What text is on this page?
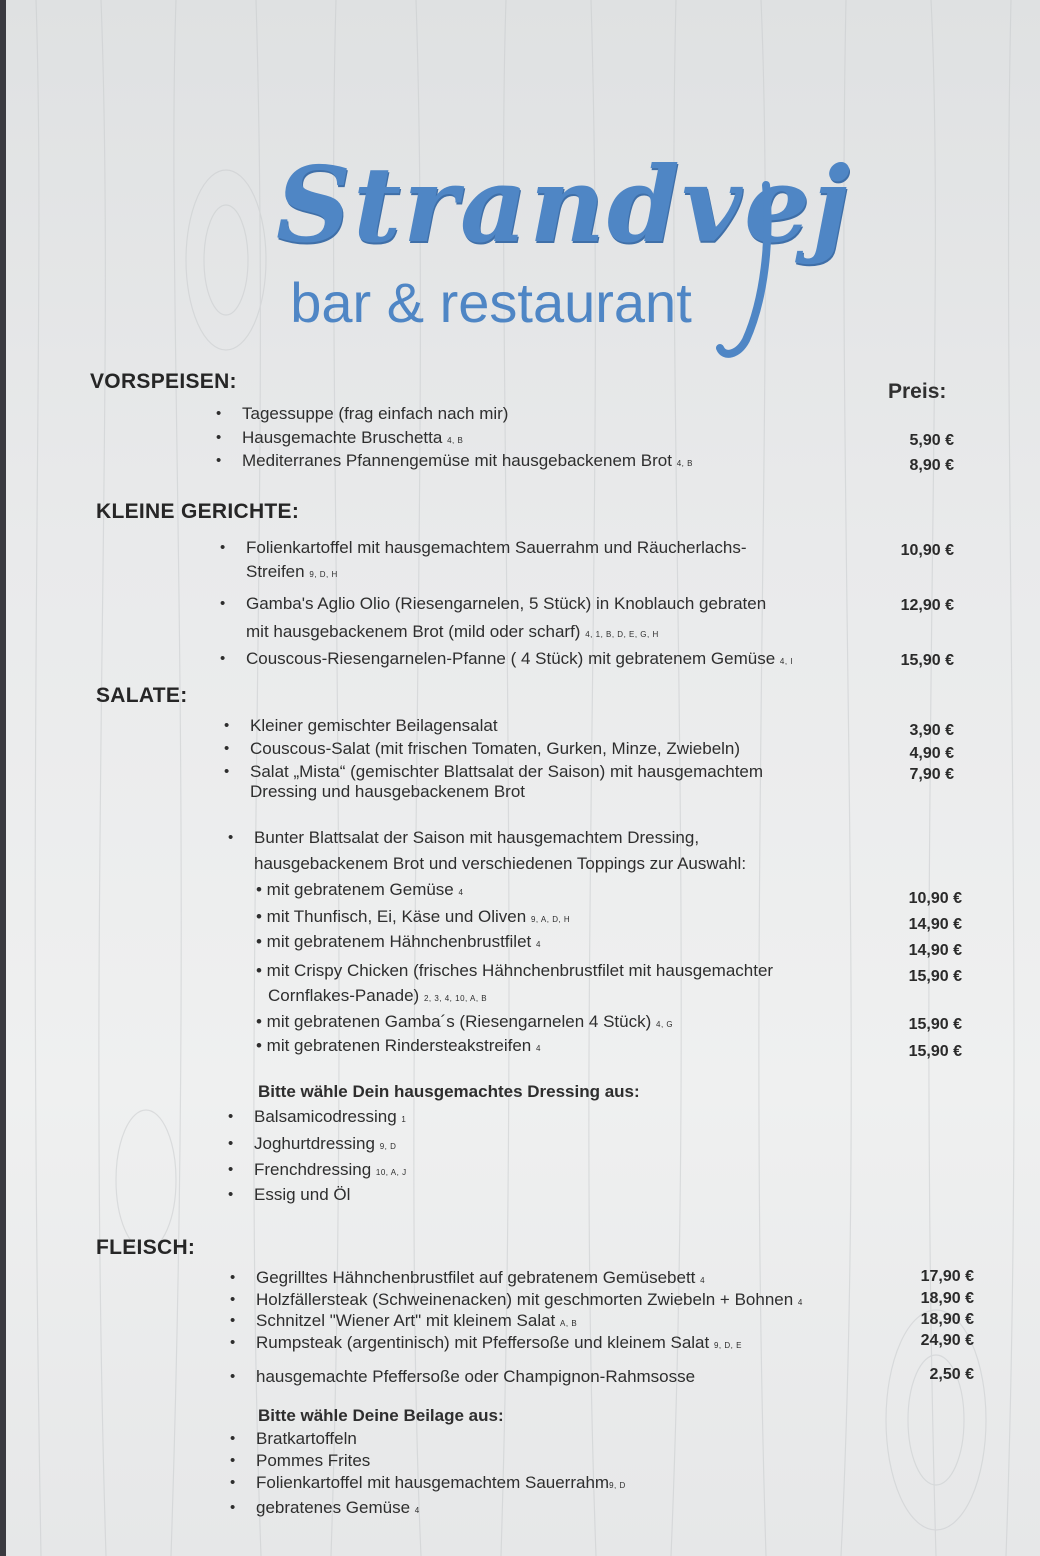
Strandvej
bar & restaurant
VORSPEISEN:	Preis:
• Tagessuppe (frag einfach nach mir)
• Hausgemachte Bruschetta 4, B	5,90 €
• Mediterranes Pfannengemüse mit hausgebackenem Brot 4, B	8,90 €
KLEINE GERICHTE:
• Folienkartoffel mit hausgemachtem Sauerrahm und Räucherlachs-
Streifen 9, D, H
10,90 €
• Gamba's Aglio Olio (Riesengarnelen, 5 Stück) in Knoblauch gebraten
mit hausgebackenem Brot (mild oder scharf) 4, 1, B, D, E, G, H
12,90 €
• Couscous-Riesengarnelen-Pfanne ( 4 Stück) mit gebratenem Gemüse 4, I	15,90 €
SALATE:
• Kleiner gemischter Beilagensalat	3,90 €
• Couscous-Salat (mit frischen Tomaten, Gurken, Minze, Zwiebeln)	4,90 €
• Salat „Mista“ (gemischter Blattsalat der Saison) mit hausgemachtem
Dressing und hausgebackenem Brot
7,90 €
• Bunter Blattsalat der Saison mit hausgemachtem Dressing,
hausgebackenem Brot und verschiedenen Toppings zur Auswahl:
• mit gebratenem Gemüse 4	10,90 €
• mit Thunfisch, Ei, Käse und Oliven 9, A, D, H	14,90 €
• mit gebratenem Hähnchenbrustfilet 4	14,90 €
• mit Crispy Chicken (frisches Hähnchenbrustfilet mit hausgemachter
Cornflakes-Panade) 2, 3, 4, 10, A, B
15,90 €
• mit gebratenen Gamba´s (Riesengarnelen 4 Stück) 4, G	15,90 €
• mit gebratenen Rindersteakstreifen 4	15,90 €
Bitte wähle Dein hausgemachtes Dressing aus:
• Balsamicodressing 1
• Joghurtdressing 9, D
• Frenchdressing 10, A, J
• Essig und Öl
FLEISCH:
• Gegrilltes Hähnchenbrustfilet auf gebratenem Gemüsebett 4	17,90 €
• Holzfällersteak (Schweinenacken) mit geschmorten Zwiebeln + Bohnen 4	18,90 €
• Schnitzel "Wiener Art" mit kleinem Salat A, B	18,90 €
• Rumpsteak (argentinisch) mit Pfeffersoße und kleinem Salat 9, D, E	24,90 €
• hausgemachte Pfeffersoße oder Champignon-Rahmsosse	2,50 €
Bitte wähle Deine Beilage aus:
• Bratkartoffeln
• Pommes Frites
• Folienkartoffel mit hausgemachtem Sauerrahm9, D
• gebratenes Gemüse 4
